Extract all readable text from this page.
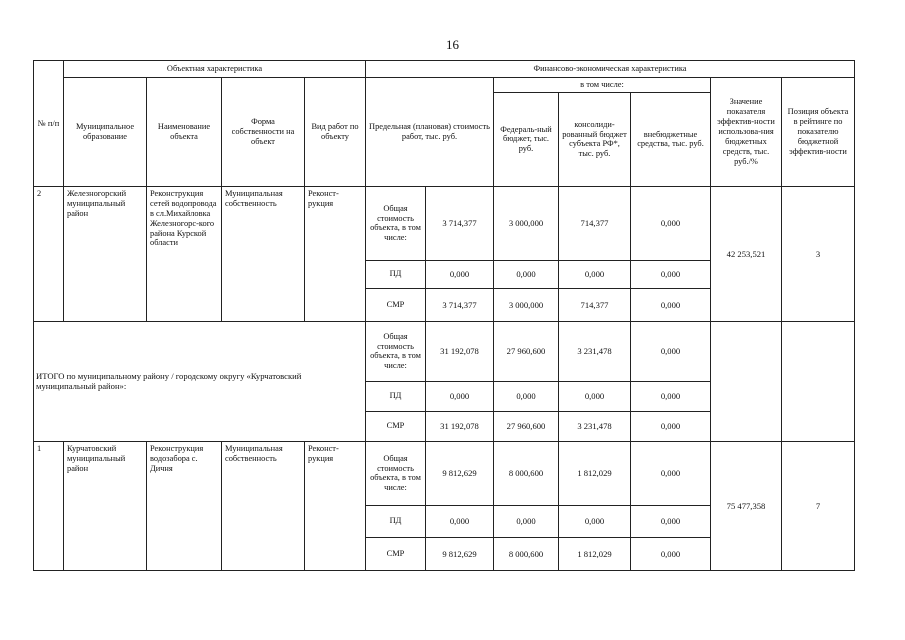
16
№ п/п	Объектная характеристика				Финансово-экономическая характеристика						
	Муниципальное образование	Наименование объекта	Форма собственности на объект	Вид работ по объекту	Предельная (плановая) стоимость работ, тыс. руб.		в том числе:			Значение показателя эффектив-ности использова-ния бюджетных средств, тыс. руб./%	Позиция объекта в рейтинге по показателю бюджетной эффектив-ности
							Федераль-ный бюджет, тыс. руб.	консолиди-рованный бюджет субъекта РФ*, тыс. руб.	внебюджетные средства, тыс. руб.		
2	Железногорский муниципальный район	Реконструкция сетей водопровода в сл.Михайловка Железногорс-кого района Курской области	Муниципальная собственность	Реконст-рукция	Общая стоимость объекта, в том числе:	3 714,377	3 000,000	714,377	0,000	42 253,521	3
					ПД	0,000	0,000	0,000	0,000		
					СМР	3 714,377	3 000,000	714,377	0,000		
ИТОГО по муниципальному району / городскому округу «Курчатовский муниципальный район»:					Общая стоимость объекта, в том числе:	31 192,078	27 960,600	3 231,478	0,000		
					ПД	0,000	0,000	0,000	0,000		
					СМР	31 192,078	27 960,600	3 231,478	0,000		
1	Курчатовский муниципальный район	Реконструкция водозабора с. Дичня	Муниципальная собственность	Реконст-рукция	Общая стоимость объекта, в том числе:	9 812,629	8 000,600	1 812,029	0,000	75 477,358	7
					ПД	0,000	0,000	0,000	0,000		
					СМР	9 812,629	8 000,600	1 812,029	0,000		
